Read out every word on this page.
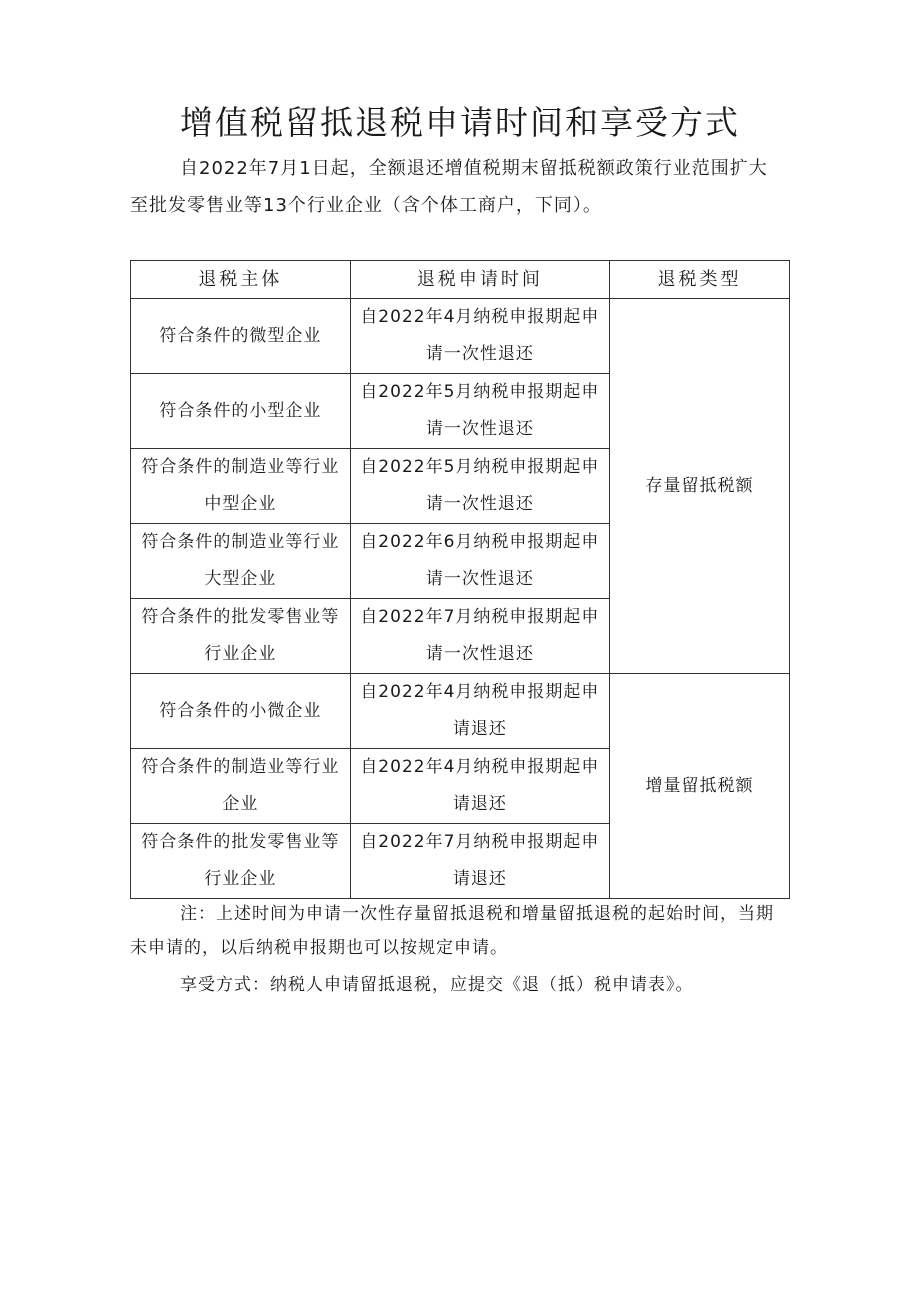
增值税留抵退税申请时间和享受方式

自2022年7月1日起，全额退还增值税期末留抵税额政策行业范围扩大至批发零售业等13个行业企业（含个体工商户，下同）。

退税主体	退税申请时间	退税类型
符合条件的微型企业	自2022年4月纳税申报期起申请一次性退还	存量留抵税额
符合条件的小型企业	自2022年5月纳税申报期起申请一次性退还	
符合条件的制造业等行业中型企业	自2022年5月纳税申报期起申请一次性退还	
符合条件的制造业等行业大型企业	自2022年6月纳税申报期起申请一次性退还	
符合条件的批发零售业等行业企业	自2022年7月纳税申报期起申请一次性退还	
符合条件的小微企业	自2022年4月纳税申报期起申请退还	增量留抵税额
符合条件的制造业等行业企业	自2022年4月纳税申报期起申请退还	
符合条件的批发零售业等行业企业	自2022年7月纳税申报期起申请退还	

注：上述时间为申请一次性存量留抵退税和增量留抵退税的起始时间，当期未申请的，以后纳税申报期也可以按规定申请。

享受方式：纳税人申请留抵退税，应提交《退（抵）税申请表》。
